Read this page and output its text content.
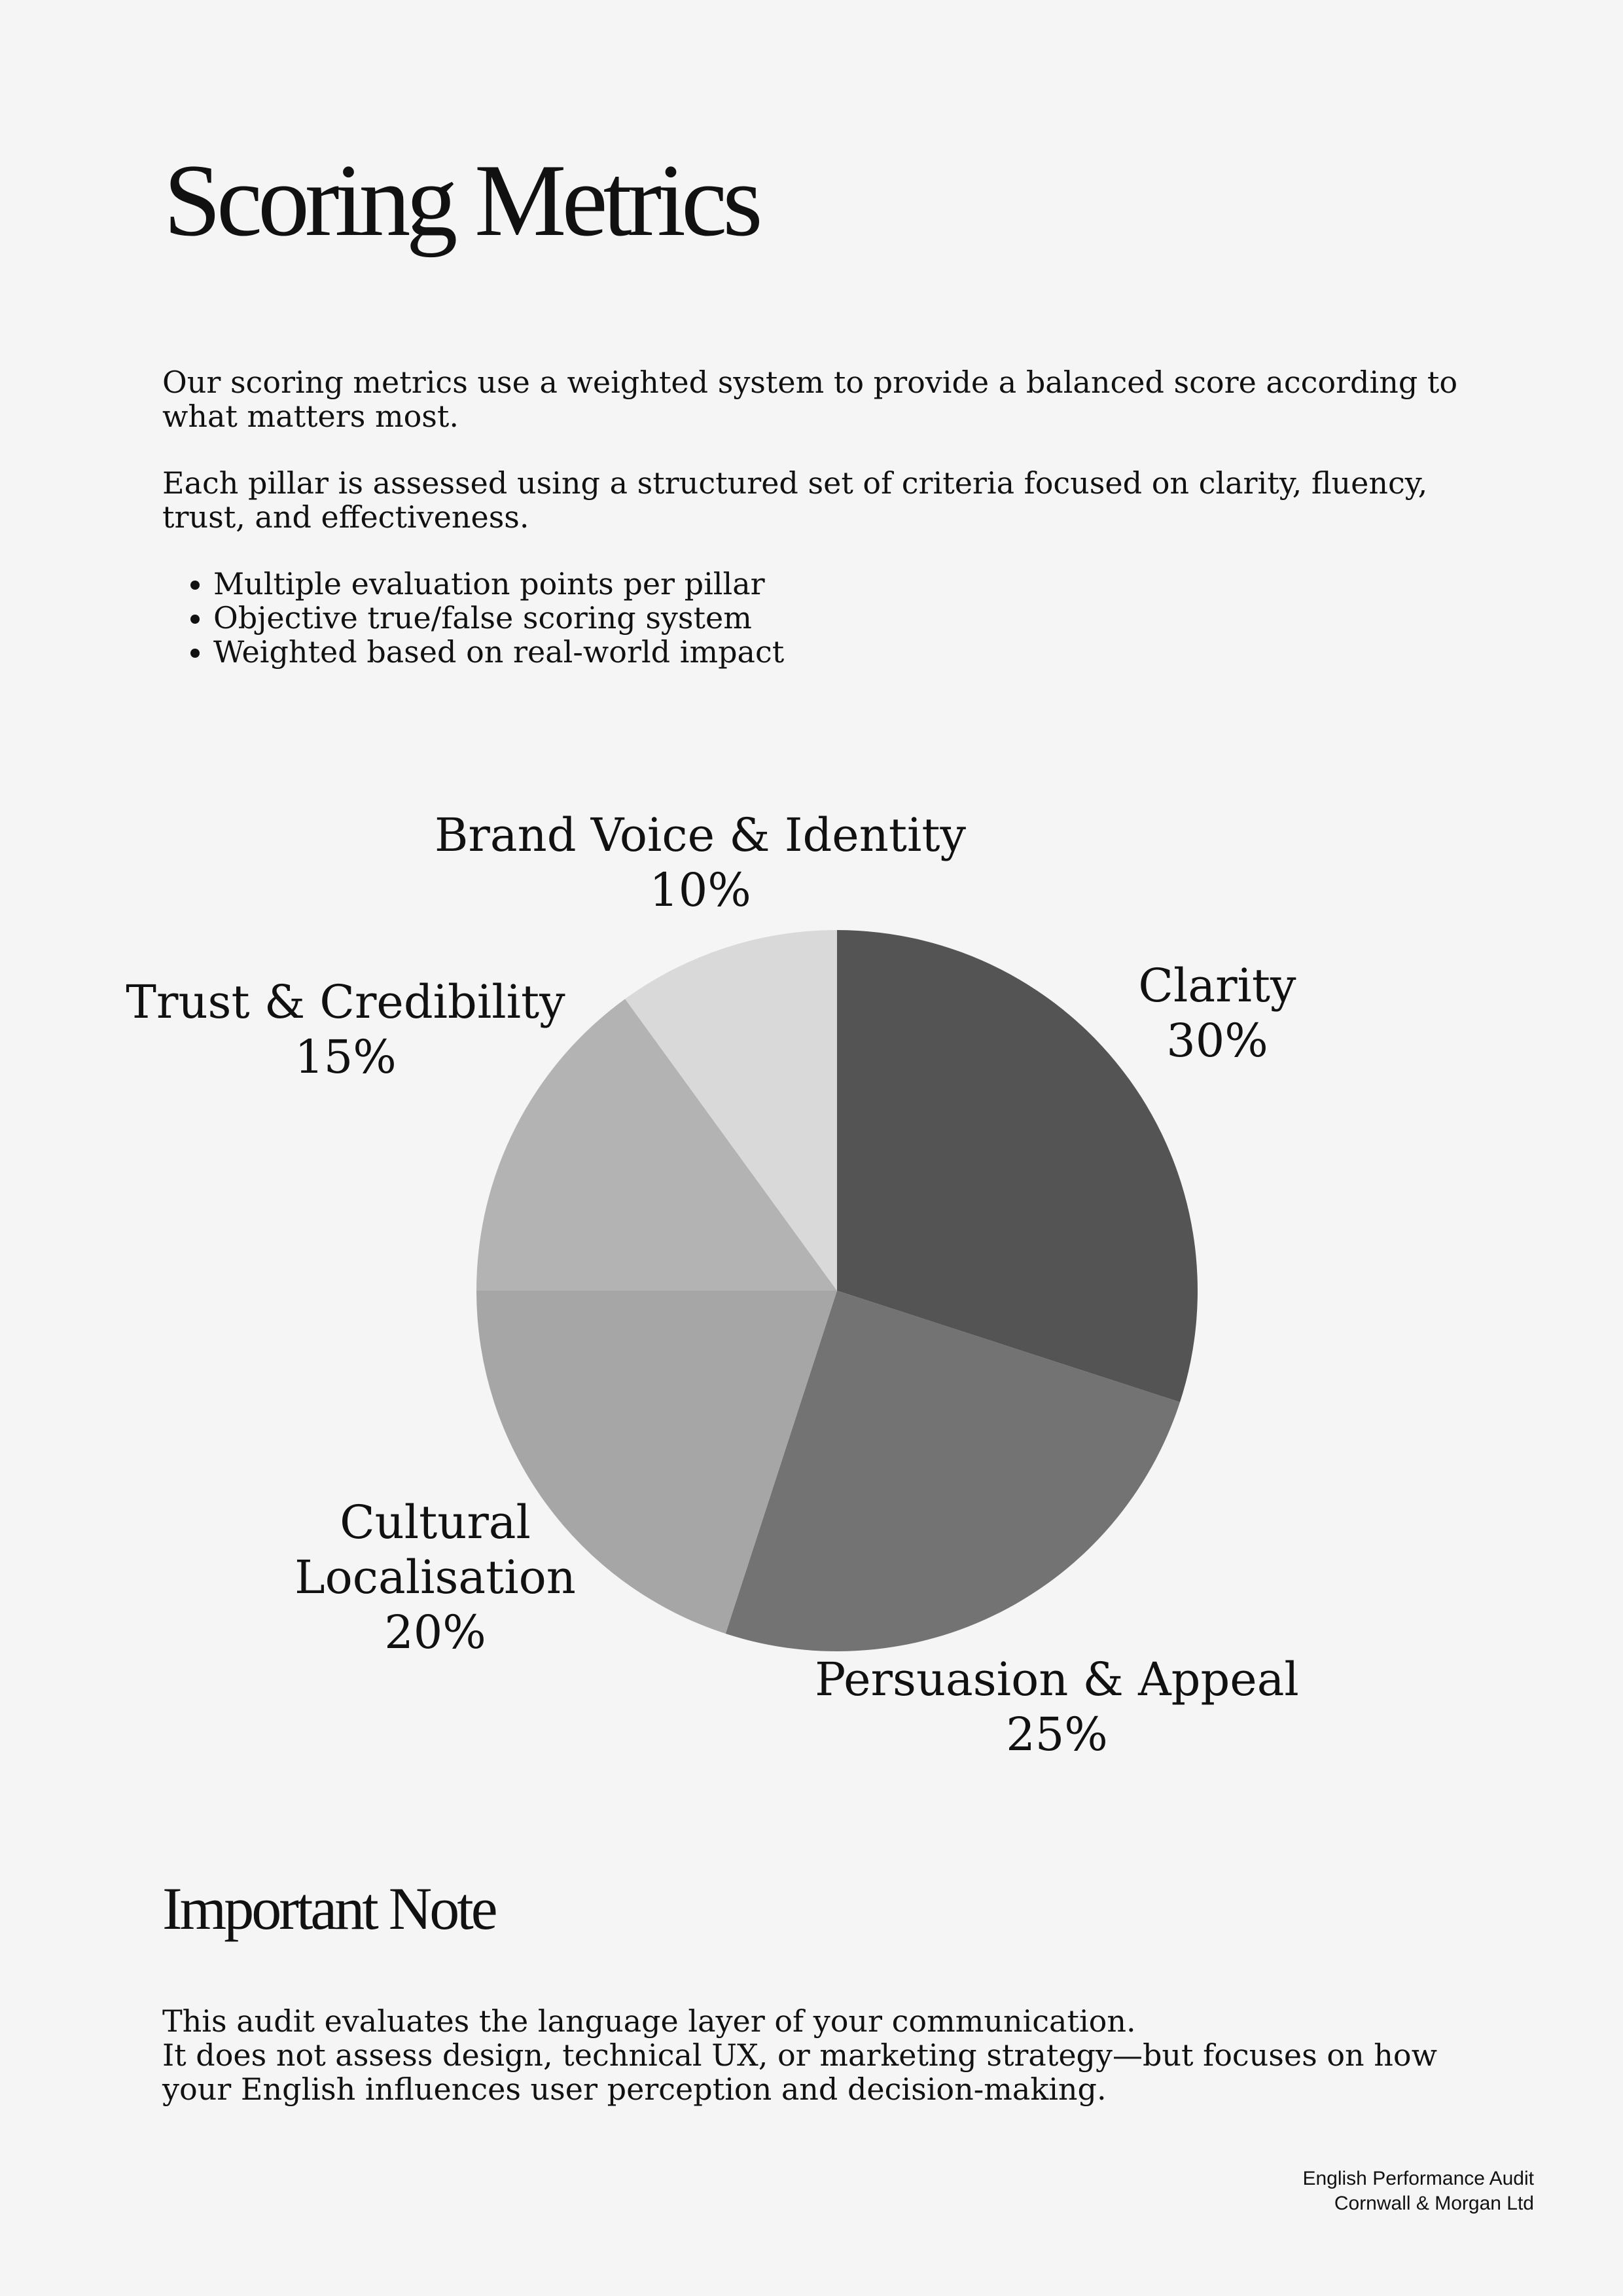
Scoring Metrics

Our scoring metrics use a weighted system to provide a balanced score according to what matters most.

Each pillar is assessed using a structured set of criteria focused on clarity, fluency, trust, and effectiveness.

• Multiple evaluation points per pillar
• Objective true/false scoring system
• Weighted based on real-world impact
Clarity 30%
Persuasion & Appeal 25%
Cultural Localisation 20%
Trust & Credibility 15%
Brand Voice & Identity 10%
Important Note

This audit evaluates the language layer of your communication.
It does not assess design, technical UX, or marketing strategy—but focuses on how
your English influences user perception and decision-making.

English Performance Audit
Cornwall & Morgan Ltd
